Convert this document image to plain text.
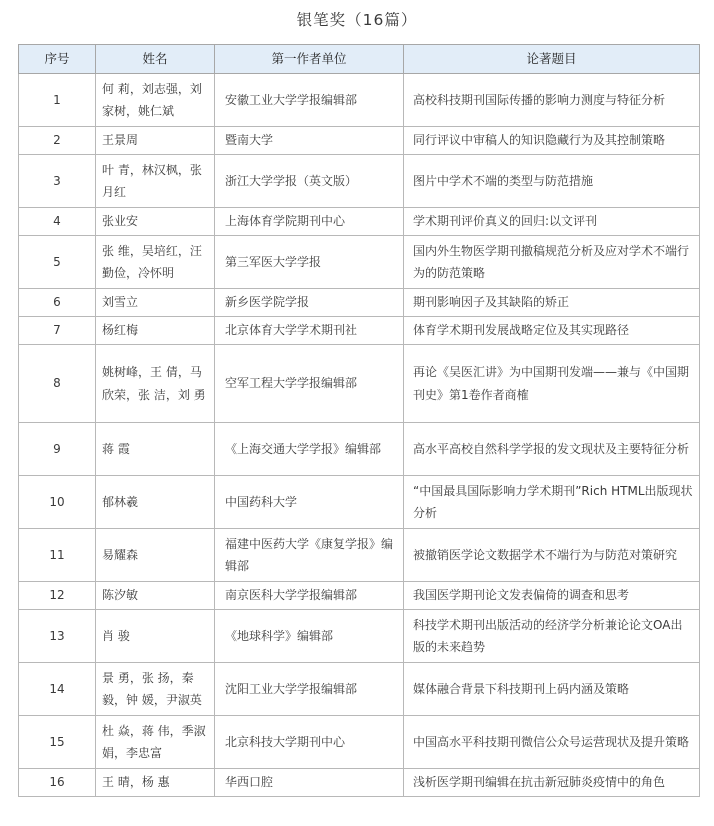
银笔奖（16篇）
序号	姓名	第一作者单位	论著题目
1	何 莉，刘志强，刘家树，姚仁斌	安徽工业大学学报编辑部	高校科技期刊国际传播的影响力测度与特征分析
2	王景周	暨南大学	同行评议中审稿人的知识隐藏行为及其控制策略
3	叶 青，林汉枫，张月红	浙江大学学报（英文版）	图片中学术不端的类型与防范措施
4	张业安	上海体育学院期刊中心	学术期刊评价真义的回归:以文评刊
5	张 维，吴培红，汪勤俭，冷怀明	第三军医大学学报	国内外生物医学期刊撤稿规范分析及应对学术不端行为的防范策略
6	刘雪立	新乡医学院学报	期刊影响因子及其缺陷的矫正
7	杨红梅	北京体育大学学术期刊社	体育学术期刊发展战略定位及其实现路径
8	姚树峰，王 倩，马欣荣，张 洁，刘 勇	空军工程大学学报编辑部	再论《吴医汇讲》为中国期刊发端——兼与《中国期刊史》第1卷作者商榷
9	蒋 霞	《上海交通大学学报》编辑部	高水平高校自然科学学报的发文现状及主要特征分析
10	郁林羲	中国药科大学	“中国最具国际影响力学术期刊”Rich HTML出版现状分析
11	易耀森	福建中医药大学《康复学报》编辑部	被撤销医学论文数据学术不端行为与防范对策研究
12	陈汐敏	南京医科大学学报编辑部	我国医学期刊论文发表偏倚的调查和思考
13	肖 骏	《地球科学》编辑部	科技学术期刊出版活动的经济学分析兼论论文OA出版的未来趋势
14	景 勇，张 扬，秦 毅，钟 媛，尹淑英	沈阳工业大学学报编辑部	媒体融合背景下科技期刊上码内涵及策略
15	杜 焱，蒋 伟，季淑娟，李忠富	北京科技大学期刊中心	中国高水平科技期刊微信公众号运营现状及提升策略
16	王 晴，杨 惠	华西口腔	浅析医学期刊编辑在抗击新冠肺炎疫情中的角色
